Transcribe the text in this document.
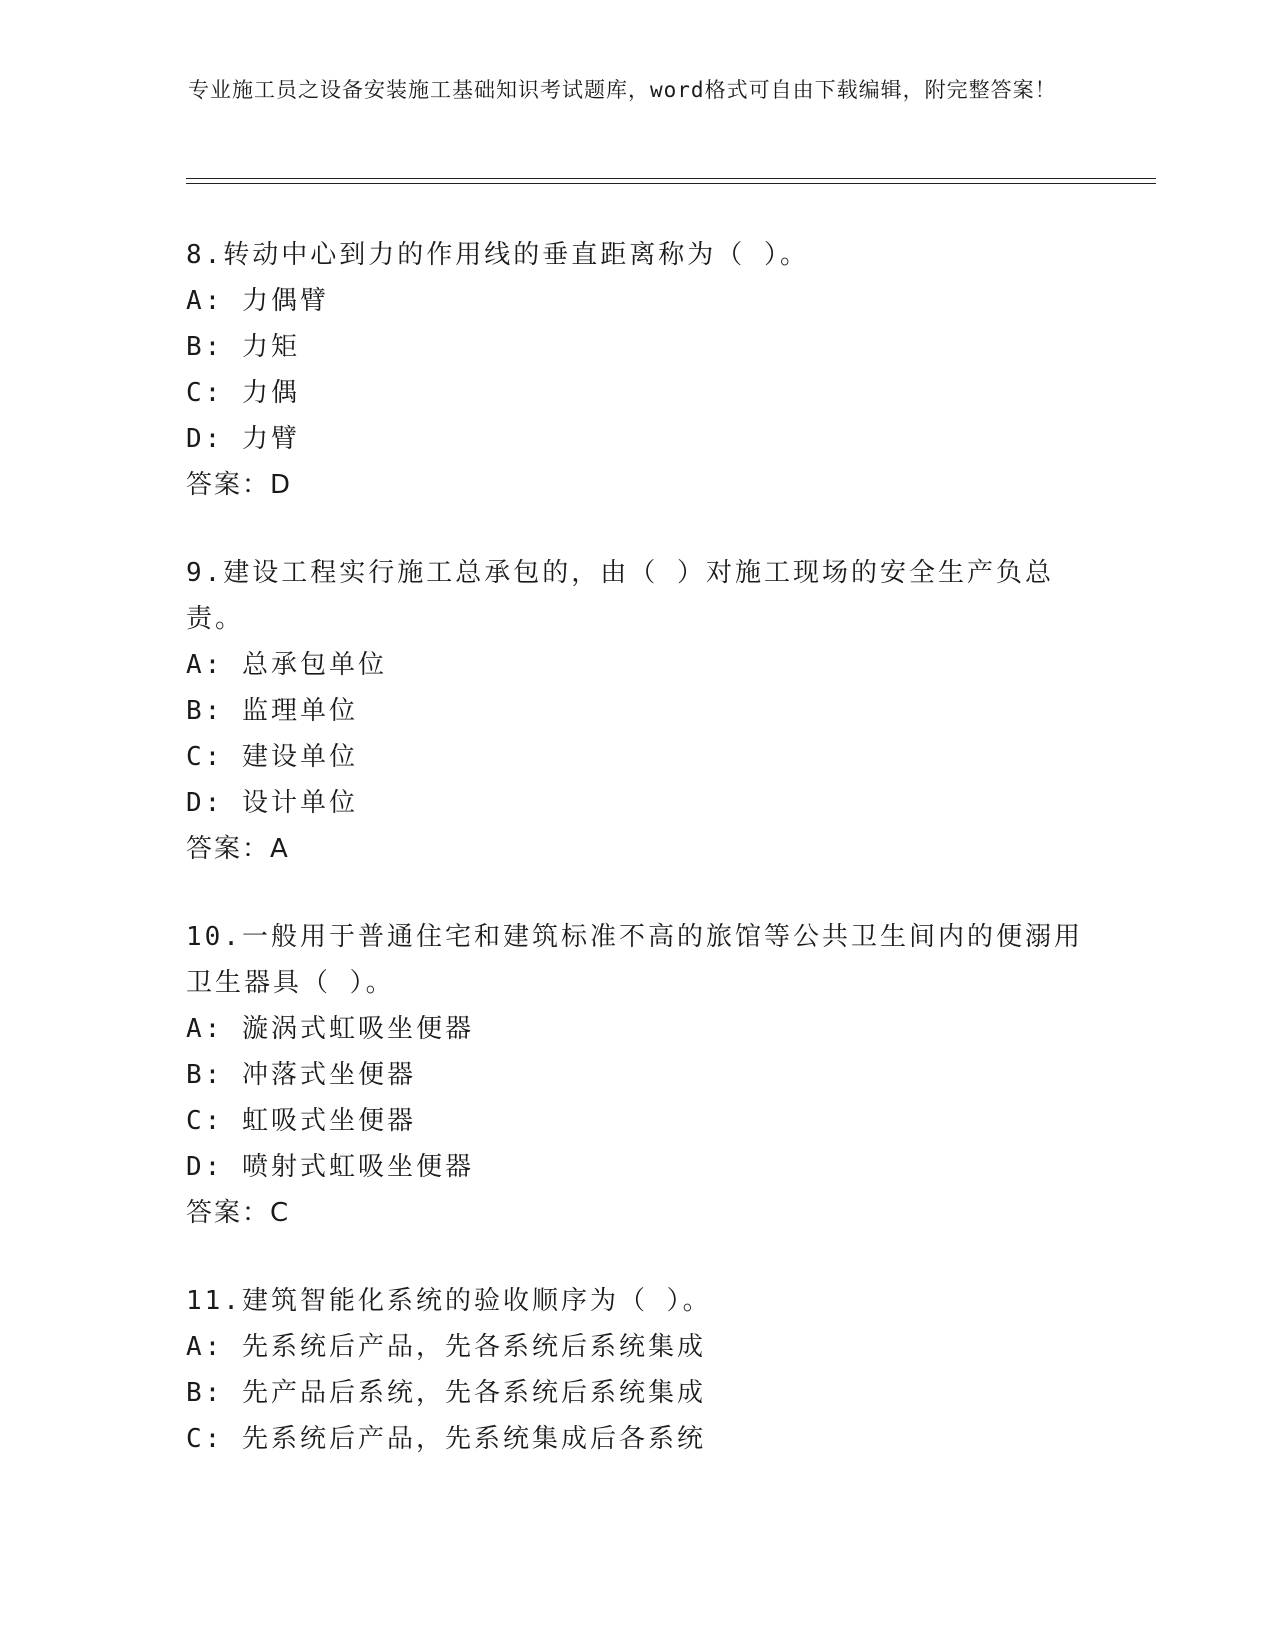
专业施工员之设备安装施工基础知识考试题库，word格式可自由下载编辑，附完整答案！

8.转动中心到力的作用线的垂直距离称为（ ）。

A: 力偶臂

B: 力矩

C: 力偶

D: 力臂

答案：D

9.建设工程实行施工总承包的，由（ ）对施工现场的安全生产负总责。

A: 总承包单位

B: 监理单位

C: 建设单位

D: 设计单位

答案：A

10.一般用于普通住宅和建筑标准不高的旅馆等公共卫生间内的便溺用卫生器具（ ）。

A: 漩涡式虹吸坐便器

B: 冲落式坐便器

C: 虹吸式坐便器

D: 喷射式虹吸坐便器

答案：C

11.建筑智能化系统的验收顺序为（ ）。

A: 先系统后产品，先各系统后系统集成

B: 先产品后系统，先各系统后系统集成

C: 先系统后产品，先系统集成后各系统
